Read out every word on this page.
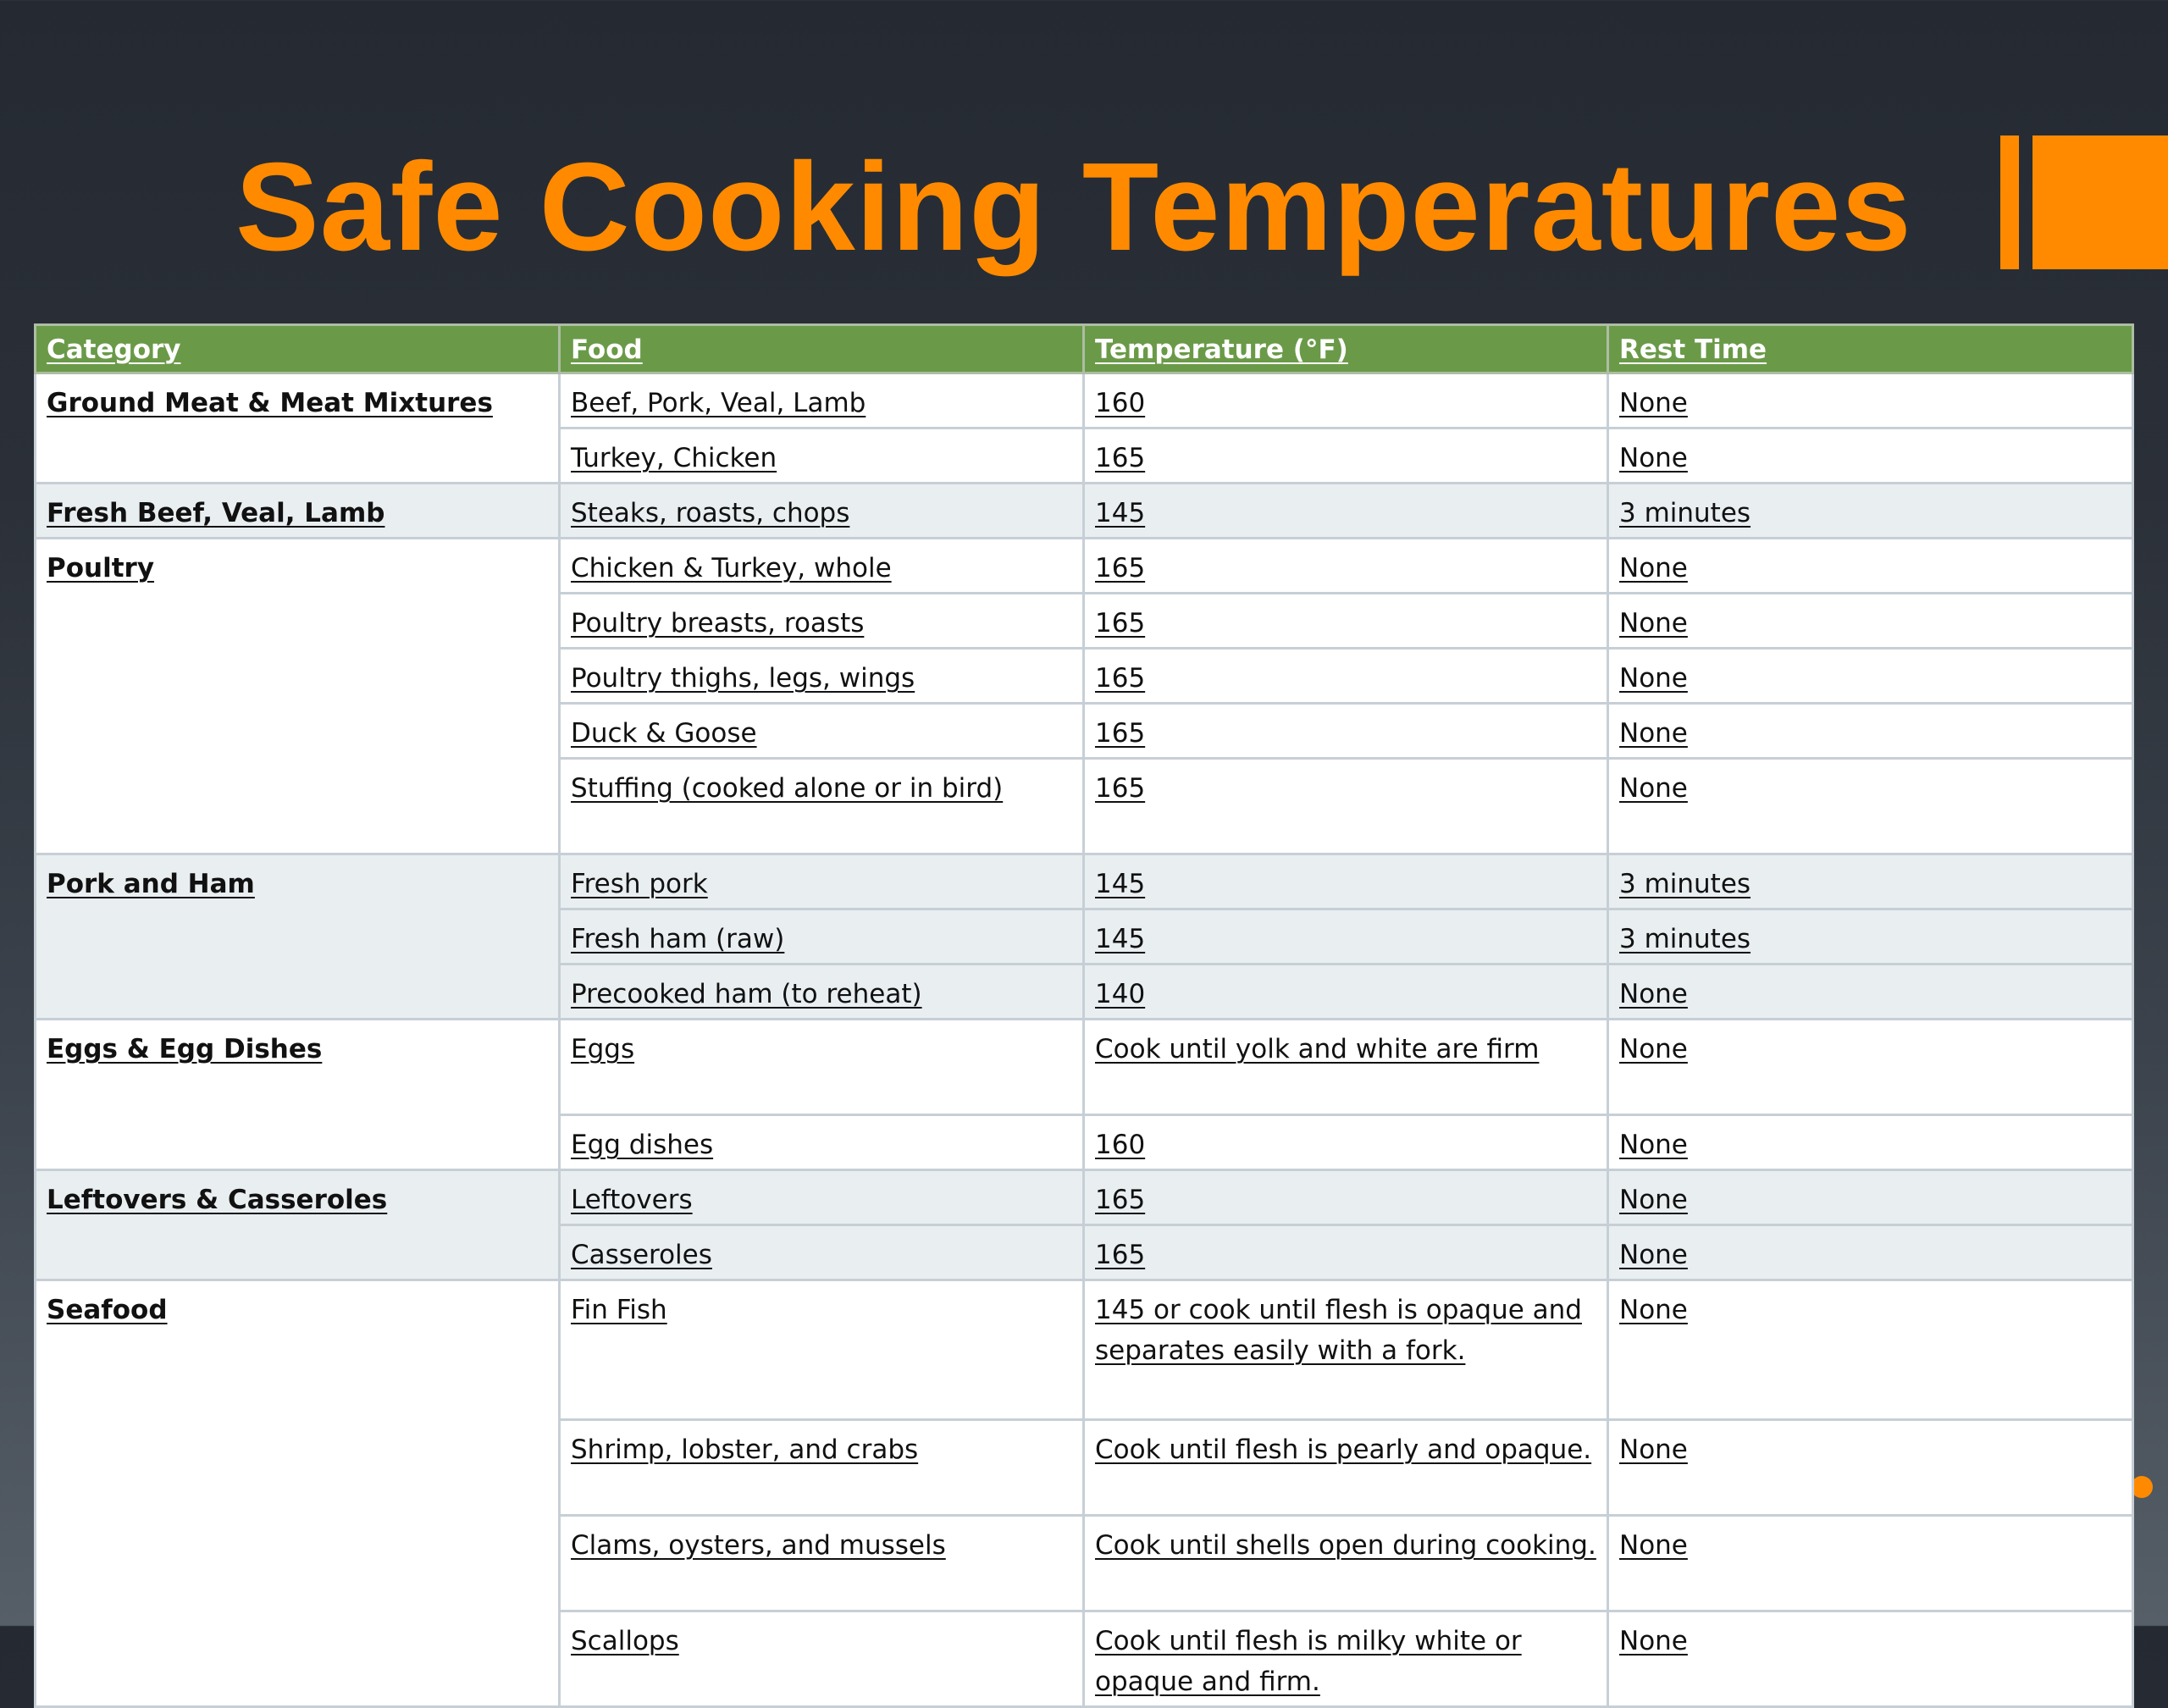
Safe Cooking Temperatures
Category	Food	Temperature (°F)	Rest Time
Ground Meat & Meat Mixtures	Beef, Pork, Veal, Lamb	160	None
	Turkey, Chicken	165	None
Fresh Beef, Veal, Lamb	Steaks, roasts, chops	145	3 minutes
Poultry	Chicken & Turkey, whole	165	None
	Poultry breasts, roasts	165	None
	Poultry thighs, legs, wings	165	None
	Duck & Goose	165	None
	Stuffing (cooked alone or in bird)	165	None
Pork and Ham	Fresh pork	145	3 minutes
	Fresh ham (raw)	145	3 minutes
	Precooked ham (to reheat)	140	None
Eggs & Egg Dishes	Eggs	Cook until yolk and white are firm	None
	Egg dishes	160	None
Leftovers & Casseroles	Leftovers	165	None
	Casseroles	165	None
Seafood	Fin Fish	145 or cook until flesh is opaque and separates easily with a fork.	None
	Shrimp, lobster, and crabs	Cook until flesh is pearly and opaque.	None
	Clams, oysters, and mussels	Cook until shells open during cooking.	None
	Scallops	Cook until flesh is milky white or opaque and firm.	None
